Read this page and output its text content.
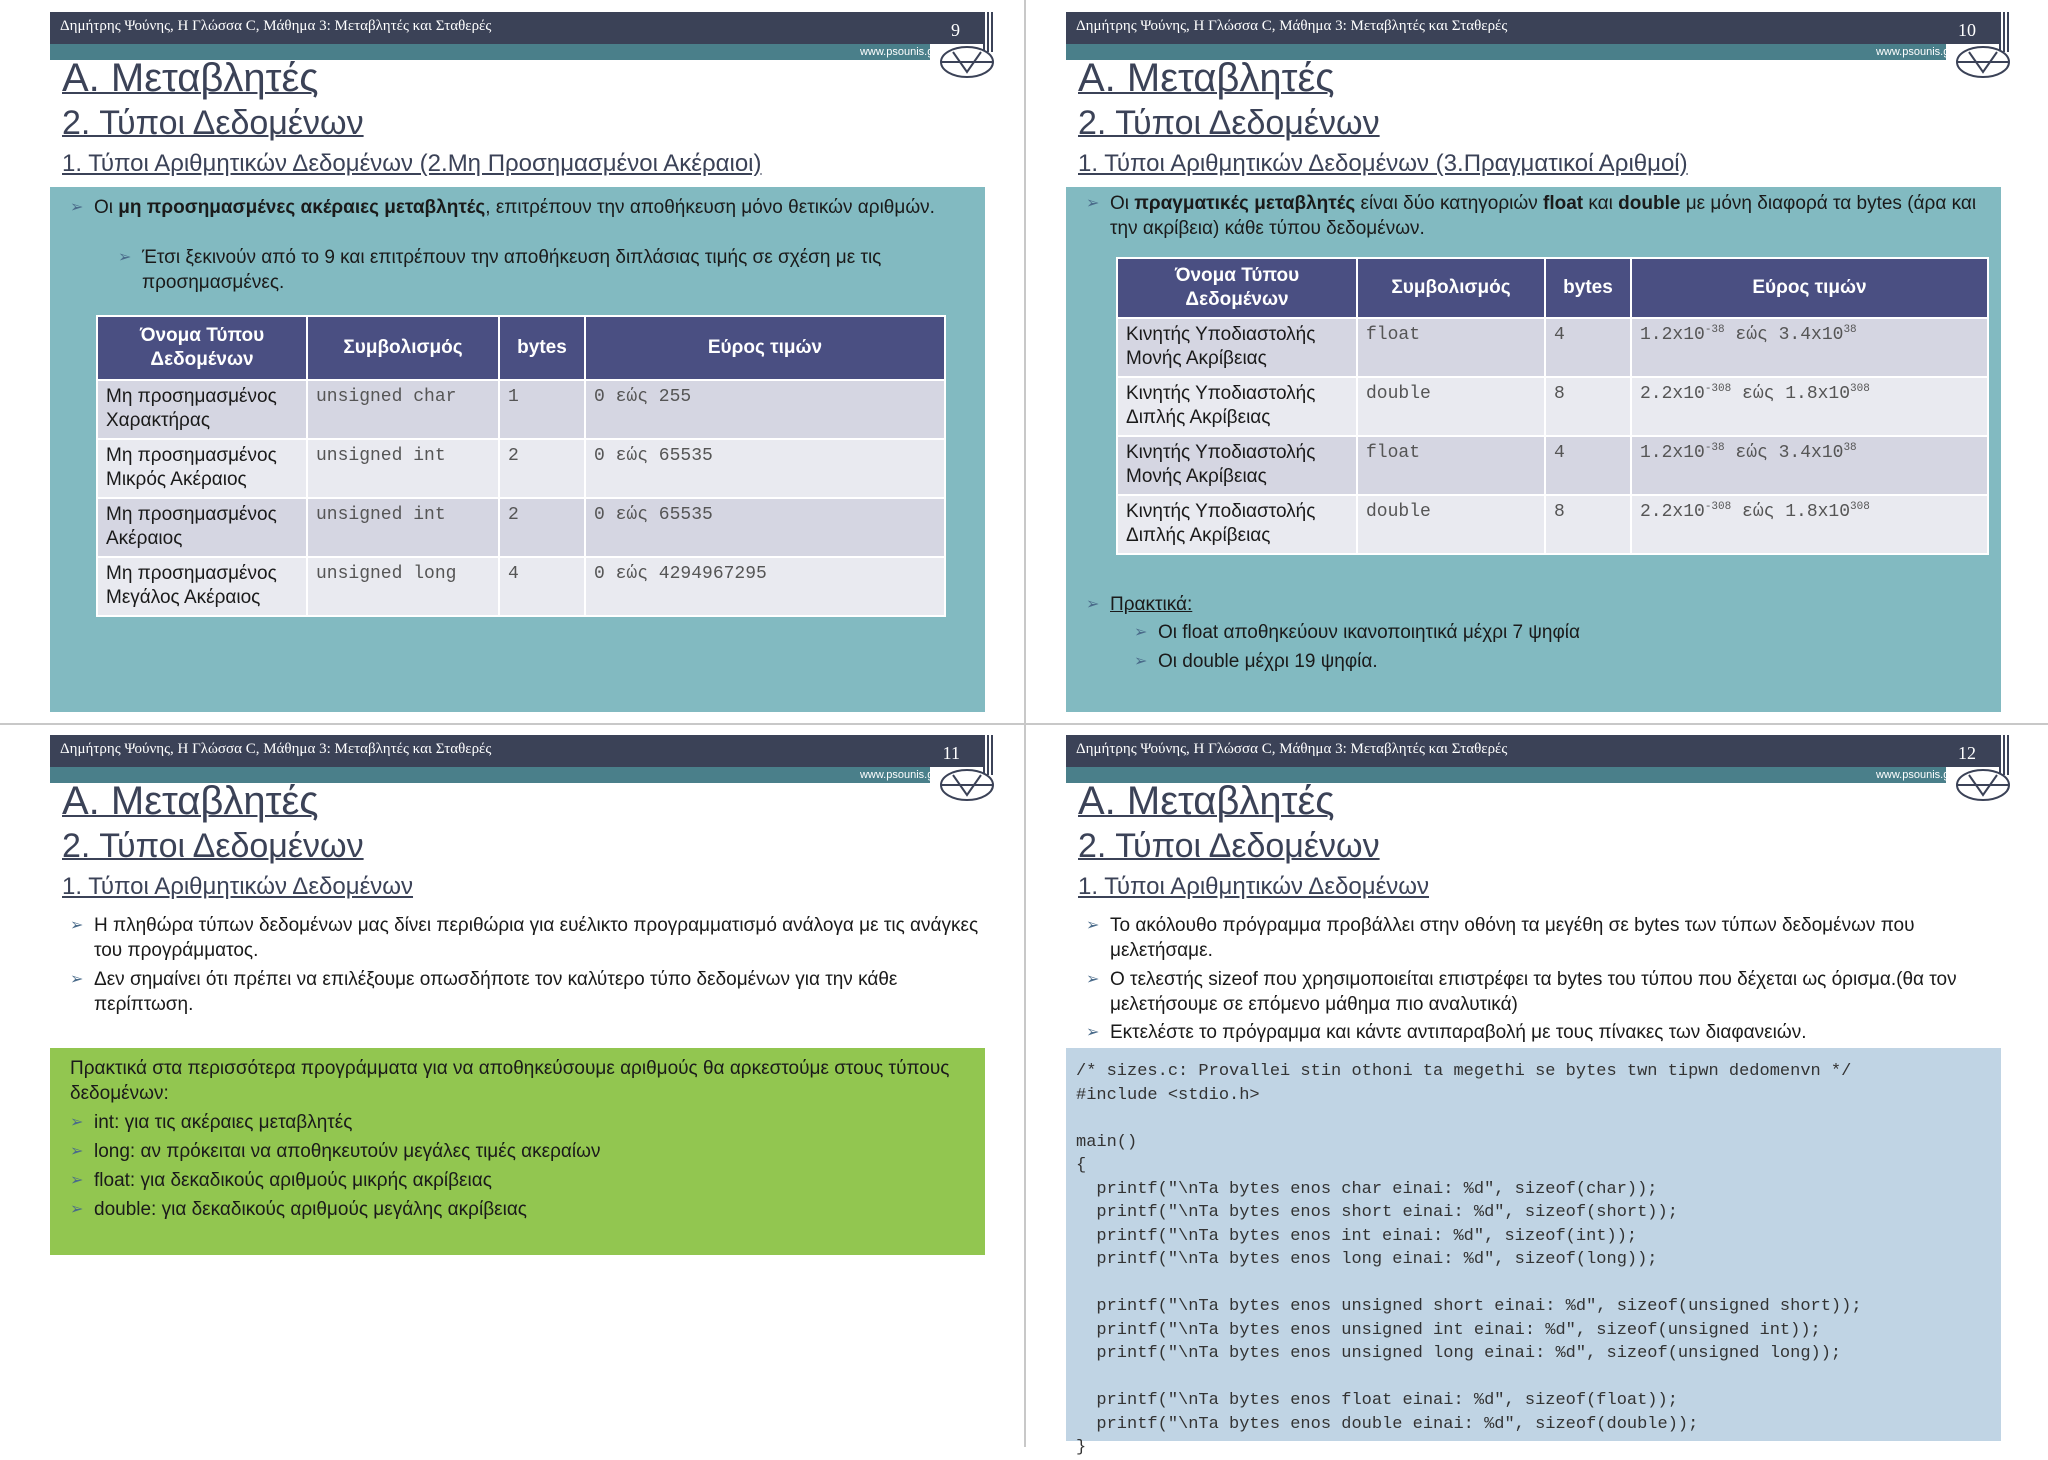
Δημήτρης Ψούνης, Η Γλώσσα C, Μάθημα 3: Μεταβλητές και Σταθερές	9
www.psounis.gr
Α. Μεταβλητές
2. Τύποι Δεδομένων
1. Τύποι Αριθμητικών Δεδομένων (2.Μη Προσημασμένοι Ακέραιοι)
➢ Οι μη προσημασμένες ακέραιες μεταβλητές, επιτρέπουν την αποθήκευση μόνο θετικών αριθμών.
➢ Έτσι ξεκινούν από το 9 και επιτρέπουν την αποθήκευση διπλάσιας τιμής σε σχέση με τις προσημασμένες.
Όνομα Τύπου Δεδομένων	Συμβολισμός	bytes	Εύρος τιμών
Μη προσημασμένος Χαρακτήρας	unsigned char	1	0 εώς 255
Μη προσημασμένος Μικρός Ακέραιος	unsigned int	2	0 εώς 65535
Μη προσημασμένος Ακέραιος	unsigned int	2	0 εώς 65535
Μη προσημασμένος Μεγάλος Ακέραιος	unsigned long	4	0 εώς 4294967295
Δημήτρης Ψούνης, Η Γλώσσα C, Μάθημα 3: Μεταβλητές και Σταθερές	10
www.psounis.gr
Α. Μεταβλητές
2. Τύποι Δεδομένων
1. Τύποι Αριθμητικών Δεδομένων (3.Πραγματικοί Αριθμοί)
➢ Οι πραγματικές μεταβλητές είναι δύο κατηγοριών float και double με μόνη διαφορά τα bytes (άρα και την ακρίβεια) κάθε τύπου δεδομένων.
Όνομα Τύπου Δεδομένων	Συμβολισμός	bytes	Εύρος τιμών
Κινητής Υποδιαστολής Μονής Ακρίβειας	float	4	$1.2x10^{-38}$ εώς $3.4x10^{38}$
Κινητής Υποδιαστολής Διπλής Ακρίβειας	double	8	$2.2x10^{-308}$ εώς $1.8x10^{308}$
Κινητής Υποδιαστολής Μονής Ακρίβειας	float	4	$1.2x10^{-38}$ εώς $3.4x10^{38}$
Κινητής Υποδιαστολής Διπλής Ακρίβειας	double	8	$2.2x10^{-308}$ εώς $1.8x10^{308}$
➢ Πρακτικά:
➢ Οι float αποθηκεύουν ικανοποιητικά μέχρι 7 ψηφία
➢ Οι double μέχρι 19 ψηφία.
Δημήτρης Ψούνης, Η Γλώσσα C, Μάθημα 3: Μεταβλητές και Σταθερές	11
www.psounis.gr
Α. Μεταβλητές
2. Τύποι Δεδομένων
1. Τύποι Αριθμητικών Δεδομένων
➢ Η πληθώρα τύπων δεδομένων μας δίνει περιθώρια για ευέλικτο προγραμματισμό ανάλογα με τις ανάγκες του προγράμματος.
➢ Δεν σημαίνει ότι πρέπει να επιλέξουμε οπωσδήποτε τον καλύτερο τύπο δεδομένων για την κάθε περίπτωση.
Πρακτικά στα περισσότερα προγράμματα για να αποθηκεύσουμε αριθμούς θα αρκεστούμε στους τύπους δεδομένων:
➢ int: για τις ακέραιες μεταβλητές
➢ long: αν πρόκειται να αποθηκευτούν μεγάλες τιμές ακεραίων
➢ float: για δεκαδικούς αριθμούς μικρής ακρίβειας
➢ double: για δεκαδικούς αριθμούς μεγάλης ακρίβειας
Δημήτρης Ψούνης, Η Γλώσσα C, Μάθημα 3: Μεταβλητές και Σταθερές	12
www.psounis.gr
Α. Μεταβλητές
2. Τύποι Δεδομένων
1. Τύποι Αριθμητικών Δεδομένων
➢ Το ακόλουθο πρόγραμμα προβάλλει στην οθόνη τα μεγέθη σε bytes των τύπων δεδομένων που μελετήσαμε.
➢ Ο τελεστής sizeof που χρησιμοποιείται επιστρέφει τα bytes του τύπου που δέχεται ως όρισμα.(θα τον μελετήσουμε σε επόμενο μάθημα πιο αναλυτικά)
➢ Εκτελέστε το πρόγραμμα και κάντε αντιπαραβολή με τους πίνακες των διαφανειών.
/* sizes.c: Provallei stin othoni ta megethi se bytes twn tipwn dedomenvn */
#include <stdio.h>

main()
{
printf("\nTa bytes enos char einai: %d", sizeof(char));
printf("\nTa bytes enos short einai: %d", sizeof(short));
printf("\nTa bytes enos int einai: %d", sizeof(int));
printf("\nTa bytes enos long einai: %d", sizeof(long));

printf("\nTa bytes enos unsigned short einai: %d", sizeof(unsigned short));
printf("\nTa bytes enos unsigned int einai: %d", sizeof(unsigned int));
printf("\nTa bytes enos unsigned long einai: %d", sizeof(unsigned long));

printf("\nTa bytes enos float einai: %d", sizeof(float));
printf("\nTa bytes enos double einai: %d", sizeof(double));
}
